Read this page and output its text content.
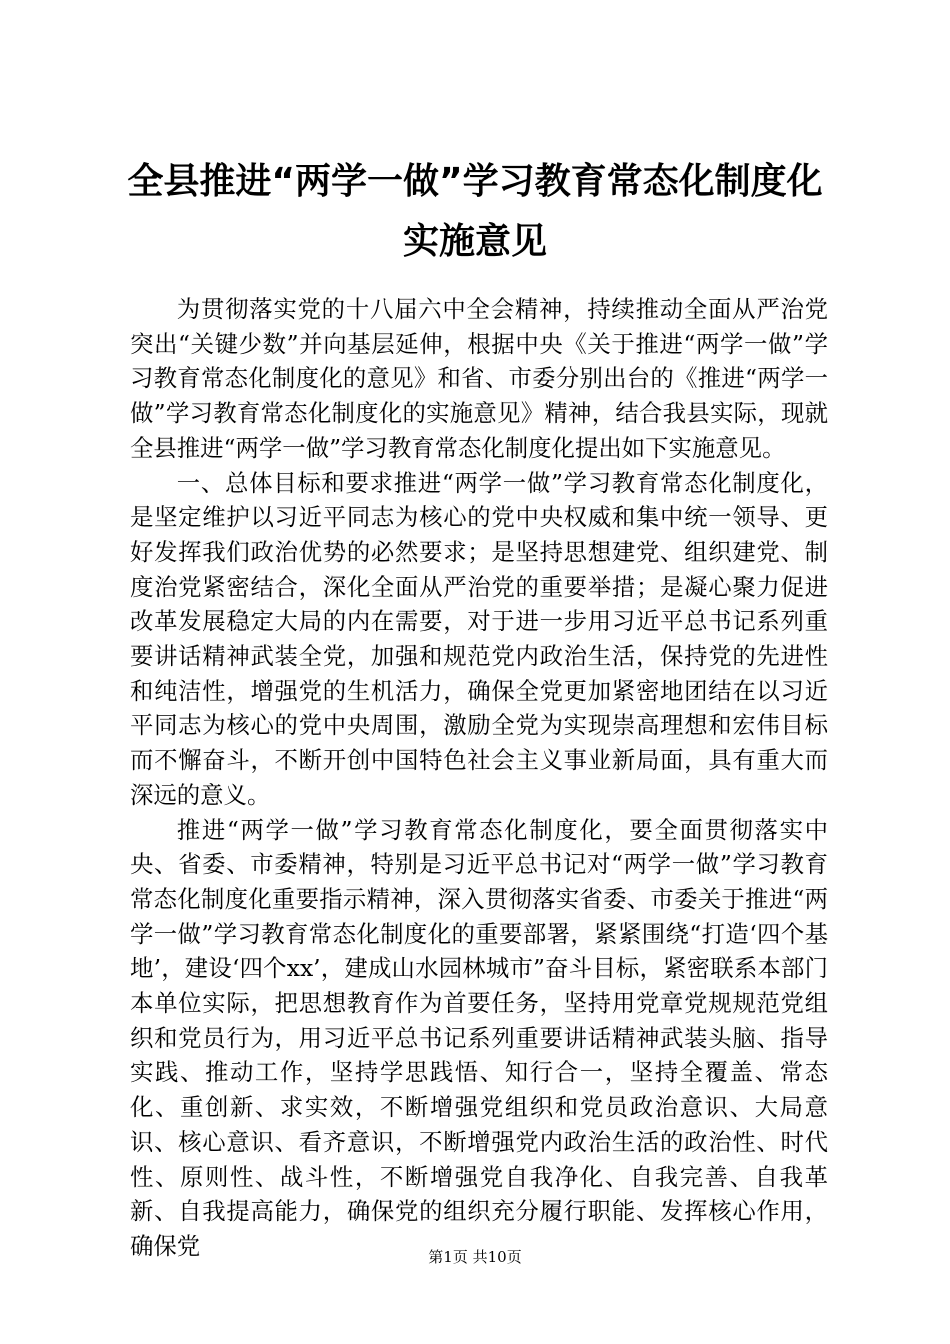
全县推进“两学一做”学习教育常态化制度化
实施意见

为贯彻落实党的十八届六中全会精神，持续推动全面从严治党突出“关键少数”并向基层延伸，根据中央《关于推进“两学一做”学习教育常态化制度化的意见》和省、市委分别出台的《推进“两学一做”学习教育常态化制度化的实施意见》精神，结合我县实际，现就全县推进“两学一做”学习教育常态化制度化提出如下实施意见。

一、总体目标和要求推进“两学一做”学习教育常态化制度化，是坚定维护以习近平同志为核心的党中央权威和集中统一领导、更好发挥我们政治优势的必然要求；是坚持思想建党、组织建党、制度治党紧密结合，深化全面从严治党的重要举措；是凝心聚力促进改革发展稳定大局的内在需要，对于进一步用习近平总书记系列重要讲话精神武装全党，加强和规范党内政治生活，保持党的先进性和纯洁性，增强党的生机活力，确保全党更加紧密地团结在以习近平同志为核心的党中央周围，激励全党为实现崇高理想和宏伟目标而不懈奋斗，不断开创中国特色社会主义事业新局面，具有重大而深远的意义。

推进“两学一做”学习教育常态化制度化，要全面贯彻落实中央、省委、市委精神，特别是习近平总书记对“两学一做”学习教育常态化制度化重要指示精神，深入贯彻落实省委、市委关于推进“两学一做”学习教育常态化制度化的重要部署，紧紧围绕“打造‘四个基地’，建设‘四个xx’，建成山水园林城市”奋斗目标，紧密联系本部门本单位实际，把思想教育作为首要任务，坚持用党章党规规范党组织和党员行为，用习近平总书记系列重要讲话精神武装头脑、指导实践、推动工作，坚持学思践悟、知行合一，坚持全覆盖、常态化、重创新、求实效，不断增强党组织和党员政治意识、大局意识、核心意识、看齐意识，不断增强党内政治生活的政治性、时代性、原则性、战斗性，不断增强党自我净化、自我完善、自我革新、自我提高能力，确保党的组织充分履行职能、发挥核心作用，确保党	第1页 共10页
